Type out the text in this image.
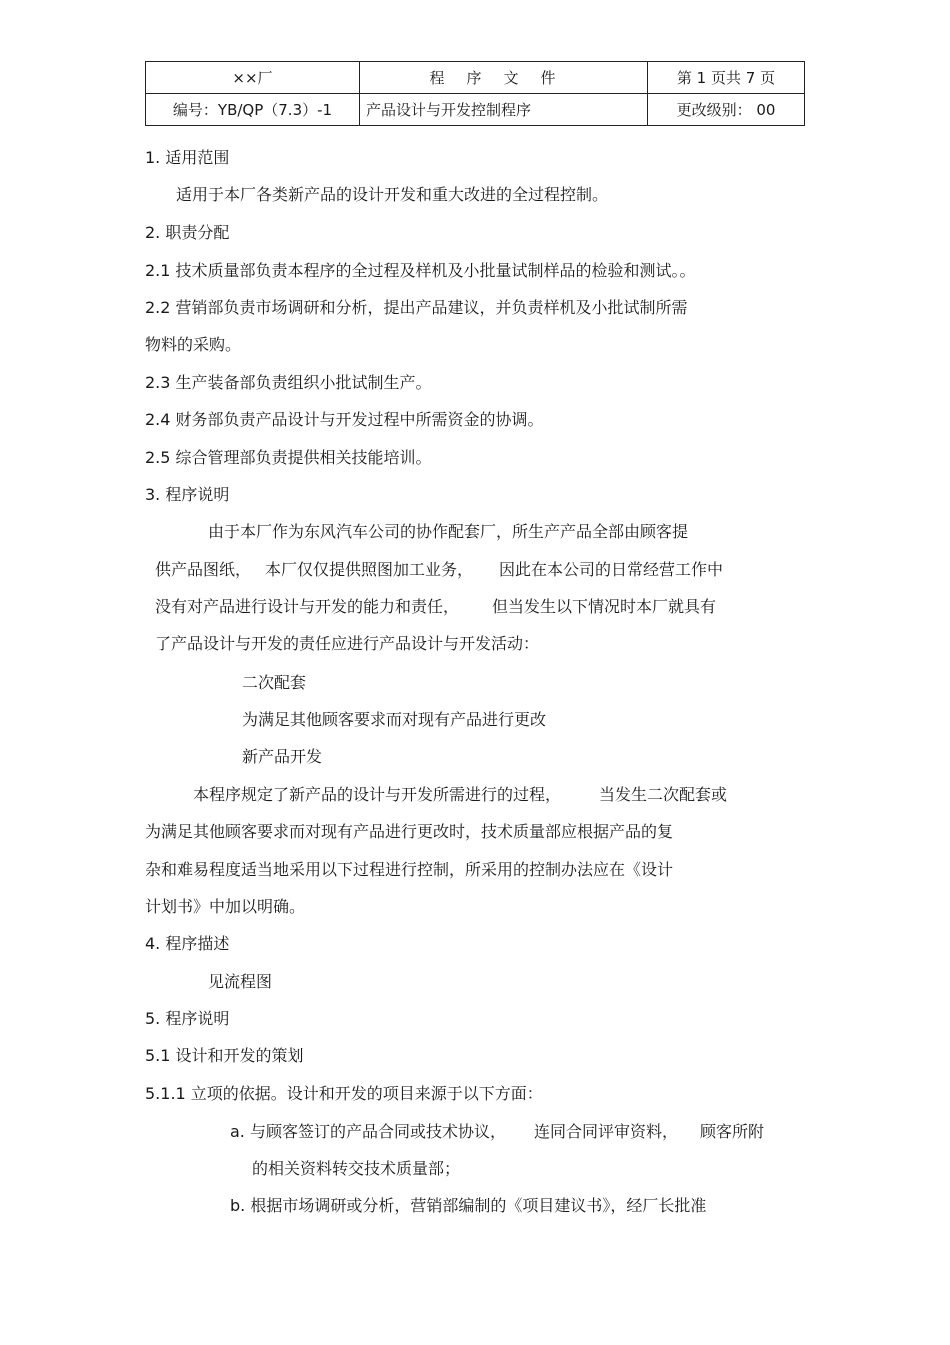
××厂	程序文件	第 1 页共 7 页
编号：YB/QP（7.3）-1	产品设计与开发控制程序	更改级别： 00
1. 适用范围
适用于本厂各类新产品的设计开发和重大改进的全过程控制。
2. 职责分配
2.1 技术质量部负责本程序的全过程及样机及小批量试制样品的检验和测试。。
2.2 营销部负责市场调研和分析，提出产品建议，并负责样机及小批试制所需
物料的采购。
2.3 生产装备部负责组织小批试制生产。
2.4 财务部负责产品设计与开发过程中所需资金的协调。
2.5 综合管理部负责提供相关技能培训。
3. 程序说明
由于本厂作为东风汽车公司的协作配套厂，所生产产品全部由顾客提
供产品图纸， 本厂仅仅提供照图加工业务， 因此在本公司的日常经营工作中
没有对产品进行设计与开发的能力和责任， 但当发生以下情况时本厂就具有
了产品设计与开发的责任应进行产品设计与开发活动：
二次配套
为满足其他顾客要求而对现有产品进行更改
新产品开发
本程序规定了新产品的设计与开发所需进行的过程， 当发生二次配套或
为满足其他顾客要求而对现有产品进行更改时，技术质量部应根据产品的复
杂和难易程度适当地采用以下过程进行控制，所采用的控制办法应在《设计
计划书》中加以明确。
4. 程序描述
见流程图
5. 程序说明
5.1 设计和开发的策划
5.1.1 立项的依据。设计和开发的项目来源于以下方面：
a. 与顾客签订的产品合同或技术协议， 连同合同评审资料， 顾客所附
的相关资料转交技术质量部；
b. 根据市场调研或分析，营销部编制的《项目建议书》，经厂长批准
